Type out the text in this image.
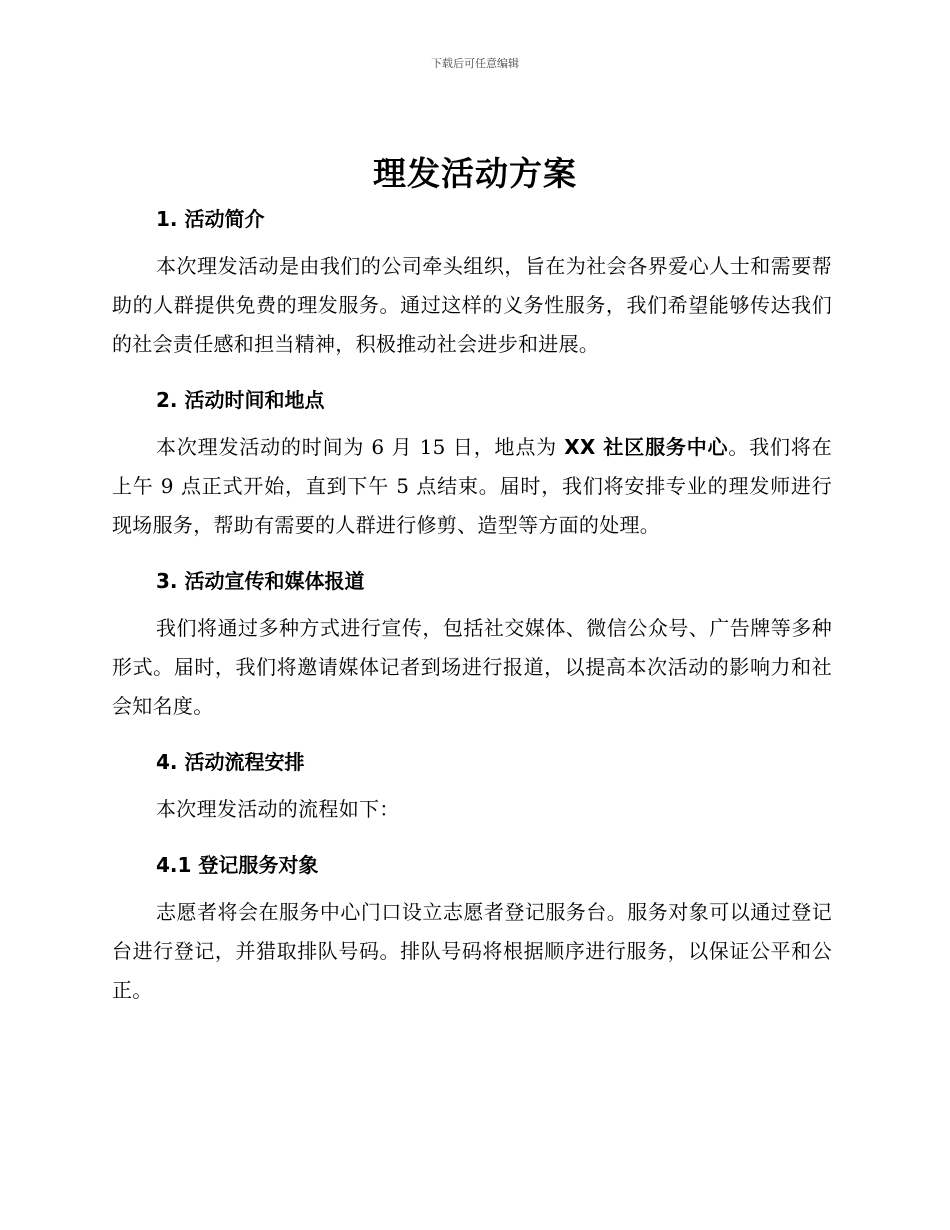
下载后可任意编辑
理发活动方案
1. 活动简介

本次理发活动是由我们的公司牵头组织，旨在为社会各界爱心人士和需要帮助的人群提供免费的理发服务。通过这样的义务性服务，我们希望能够传达我们的社会责任感和担当精神，积极推动社会进步和进展。

2. 活动时间和地点

本次理发活动的时间为 6 月 15 日，地点为 XX 社区服务中心。我们将在上午 9 点正式开始，直到下午 5 点结束。届时，我们将安排专业的理发师进行现场服务，帮助有需要的人群进行修剪、造型等方面的处理。

3. 活动宣传和媒体报道

我们将通过多种方式进行宣传，包括社交媒体、微信公众号、广告牌等多种形式。届时，我们将邀请媒体记者到场进行报道，以提高本次活动的影响力和社会知名度。

4. 活动流程安排

本次理发活动的流程如下：

4.1 登记服务对象

志愿者将会在服务中心门口设立志愿者登记服务台。服务对象可以通过登记台进行登记，并猎取排队号码。排队号码将根据顺序进行服务，以保证公平和公正。
